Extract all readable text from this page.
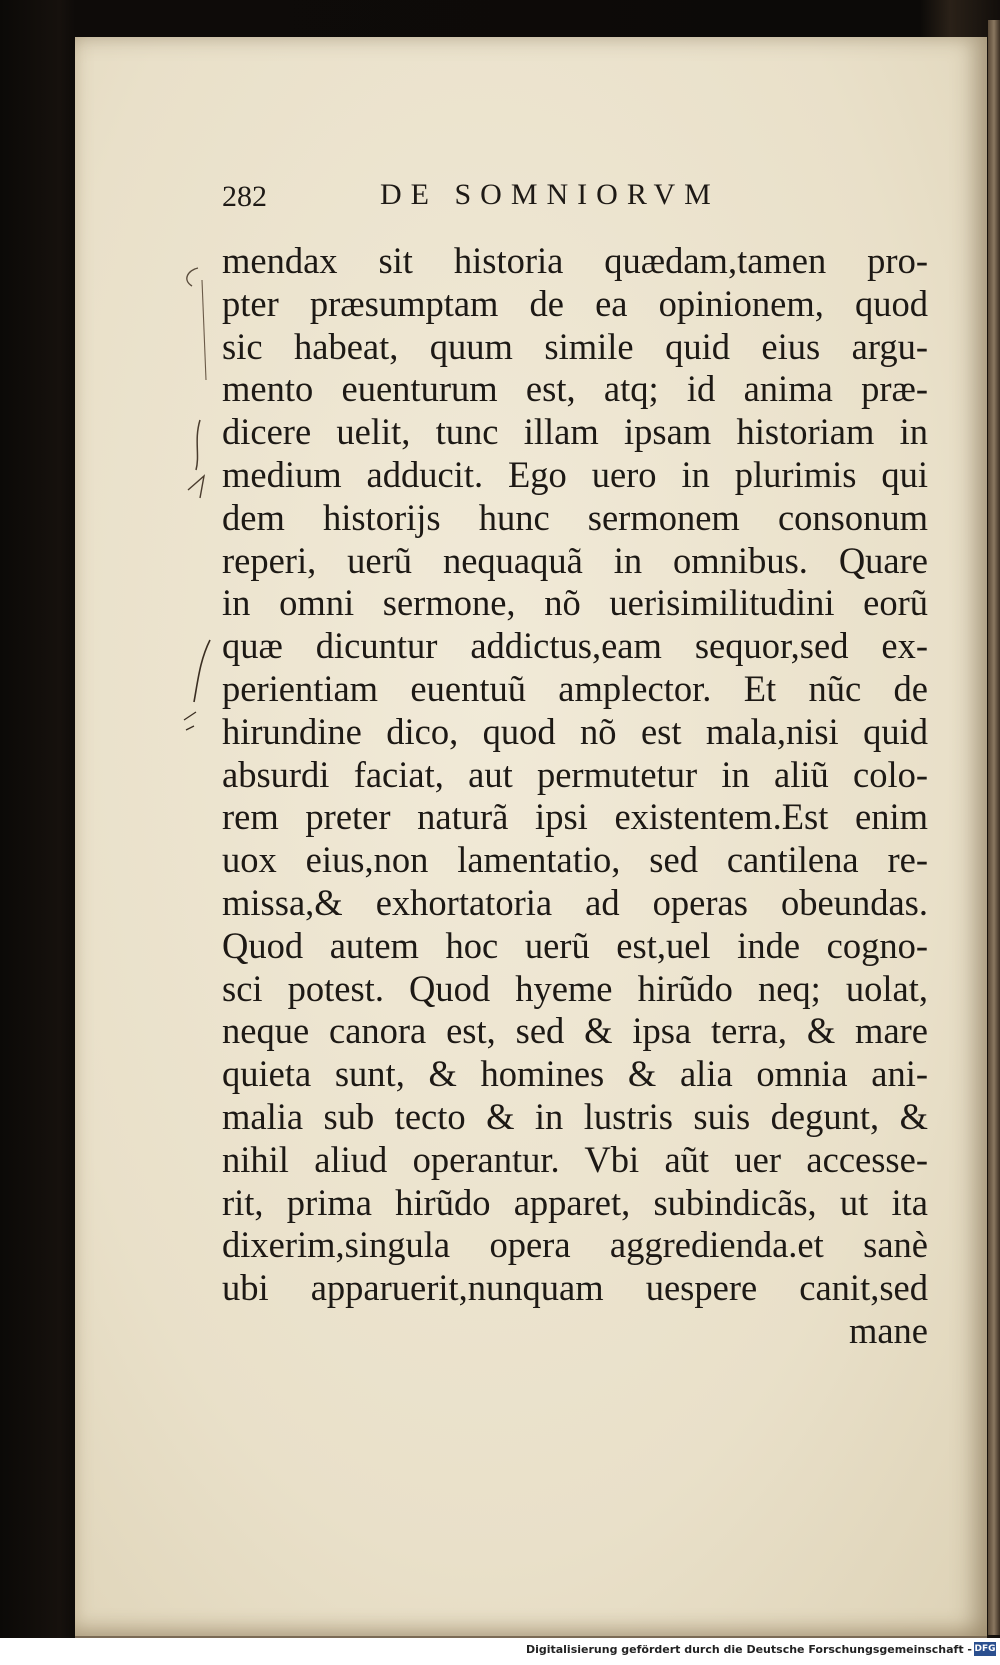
282	DE SOMNIORVM
mendax sit historia quædam,tamen pro-
pter præsumptam de ea opinionem, quod
sic habeat, quum simile quid eius argu-
mento euenturum est, atq; id anima præ-
dicere uelit, tunc illam ipsam historiam in
medium adducit. Ego uero in plurimis qui
dem historijs hunc sermonem consonum
reperi, uerũ nequaquã in omnibus. Quare
in omni sermone, nõ uerisimilitudini eorũ
quæ dicuntur addictus,eam sequor,sed ex-
perientiam euentuũ amplector. Et nũc de
hirundine dico, quod nõ est mala,nisi quid
absurdi faciat, aut permutetur in aliũ colo-
rem preter naturã ipsi existentem.Est enim
uox eius,non lamentatio, sed cantilena re-
missa,& exhortatoria ad operas obeundas.
Quod autem hoc uerũ est,uel inde cogno-
sci potest. Quod hyeme hirũdo neq; uolat,
neque canora est, sed & ipsa terra, & mare
quieta sunt, & homines & alia omnia ani-
malia sub tecto & in lustris suis degunt, &
nihil aliud operantur. Vbi aũt uer accesse-
rit, prima hirũdo apparet, subindicãs, ut ita
dixerim,singula opera aggredienda.et sanè
ubi apparuerit,nunquam uespere canit,sed
mane
Digitalisierung gefördert durch die Deutsche Forschungsgemeinschaft - DFG
